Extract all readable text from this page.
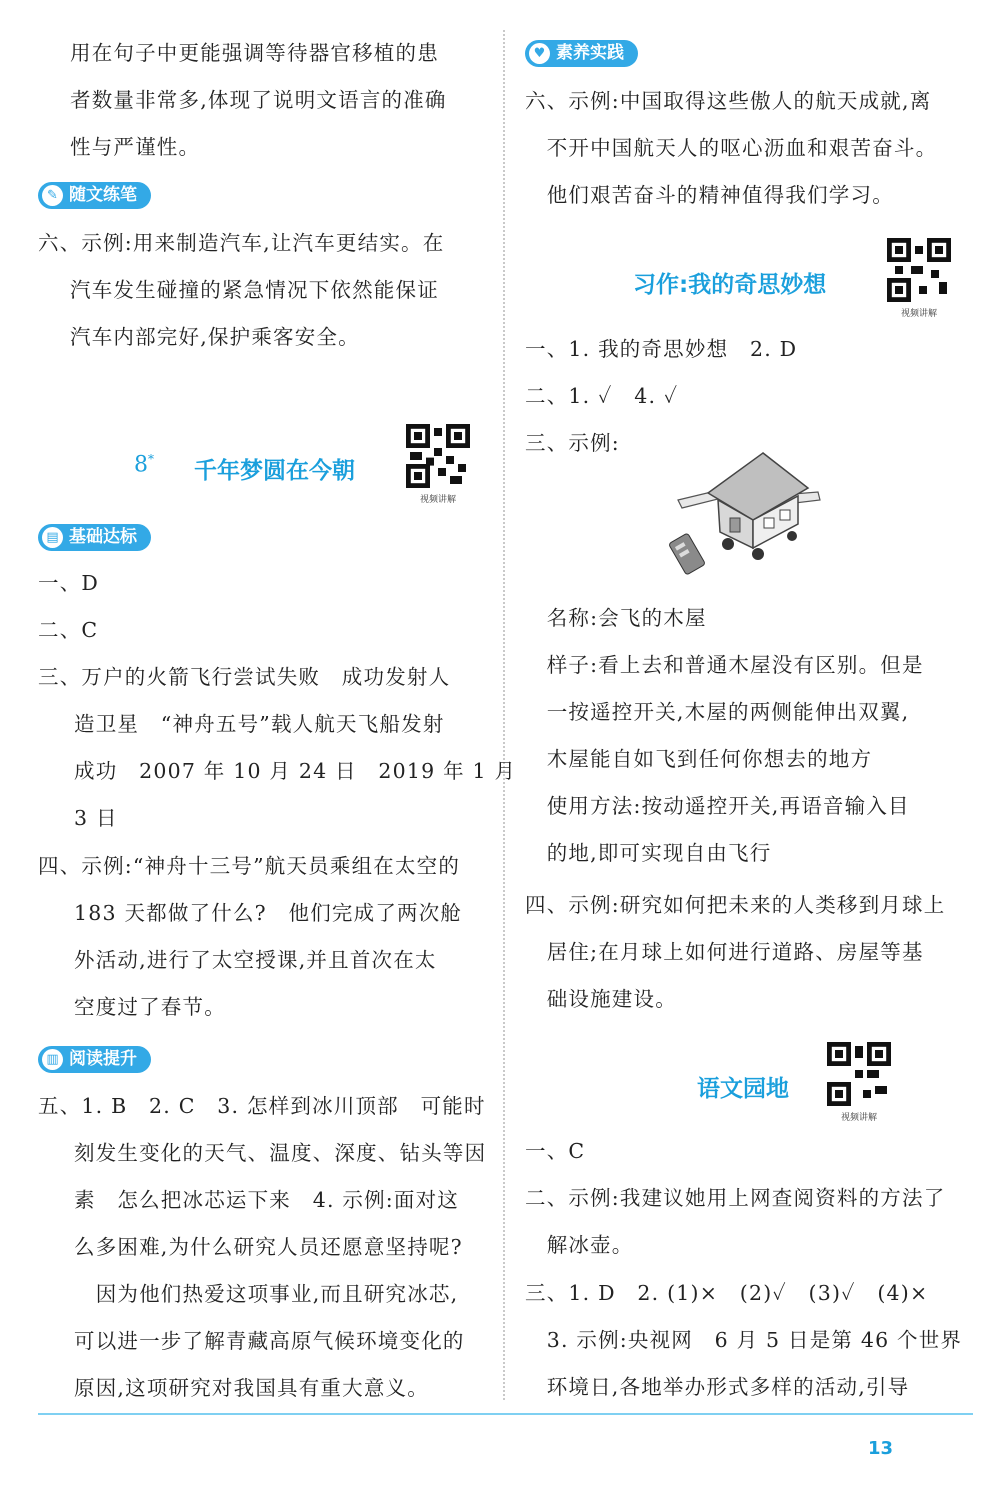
用在句子中更能强调等待器官移植的患
者数量非常多,体现了说明文语言的准确
性与严谨性。
✎ 随文练笔
六、示例:用来制造汽车,让汽车更结实。在
汽车发生碰撞的紧急情况下依然能保证
汽车内部完好,保护乘客安全。
8* 千年梦圆在今朝
视频讲解
▤ 基础达标
一、D
二、C
三、万户的火箭飞行尝试失败　成功发射人
造卫星　“神舟五号”载人航天飞船发射
成功　2007 年 10 月 24 日　2019 年 1 月
3 日
四、示例:“神舟十三号”航天员乘组在太空的
183 天都做了什么?　他们完成了两次舱
外活动,进行了太空授课,并且首次在太
空度过了春节。
▥ 阅读提升
五、1. B　2. C　3. 怎样到冰川顶部　可能时
刻发生变化的天气、温度、深度、钻头等因
素　怎么把冰芯运下来　4. 示例:面对这
么多困难,为什么研究人员还愿意坚持呢?
　因为他们热爱这项事业,而且研究冰芯,
可以进一步了解青藏高原气候环境变化的
原因,这项研究对我国具有重大意义。
♥ 素养实践
六、示例:中国取得这些傲人的航天成就,离
　不开中国航天人的呕心沥血和艰苦奋斗。
　他们艰苦奋斗的精神值得我们学习。
习作:我的奇思妙想
视频讲解
一、1. 我的奇思妙想　2. D
二、1. ✓　4. ✓
三、示例:
　名称:会飞的木屋
　样子:看上去和普通木屋没有区别。但是
　一按遥控开关,木屋的两侧能伸出双翼,
　木屋能自如飞到任何你想去的地方
　使用方法:按动遥控开关,再语音输入目
　的地,即可实现自由飞行
四、示例:研究如何把未来的人类移到月球上
　居住;在月球上如何进行道路、房屋等基
　础设施建设。
语文园地
视频讲解
一、C
二、示例:我建议她用上网查阅资料的方法了
　解冰壶。
三、1. D　2. (1)×　(2)✓　(3)✓　(4)×
　3. 示例:央视网　6 月 5 日是第 46 个世界
　环境日,各地举办形式多样的活动,引导
13
